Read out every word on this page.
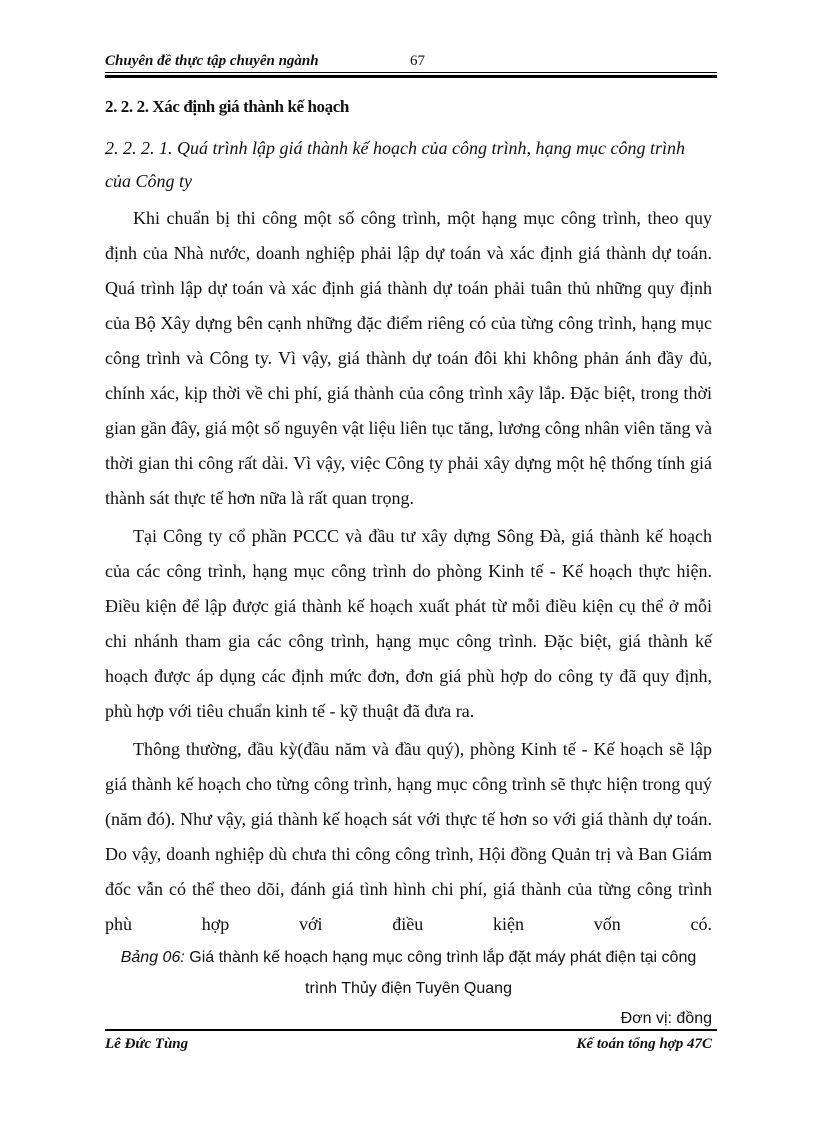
Chuyên đề thực tập chuyên ngành	67

2. 2. 2. Xác định giá thành kế hoạch

2. 2. 2. 1. Quá trình lập giá thành kế hoạch của công trình, hạng mục công trình của Công ty

Khi chuẩn bị thi công một số công trình, một hạng mục công trình, theo quy định của Nhà nước, doanh nghiệp phải lập dự toán và xác định giá thành dự toán. Quá trình lập dự toán và xác định giá thành dự toán phải tuân thủ những quy định của Bộ Xây dựng bên cạnh những đặc điểm riêng có của từng công trình, hạng mục công trình và Công ty. Vì vậy, giá thành dự toán đôi khi không phản ánh đầy đủ, chính xác, kịp thời về chi phí, giá thành của công trình xây lắp. Đặc biệt, trong thời gian gần đây, giá một số nguyên vật liệu liên tục tăng, lương công nhân viên tăng và thời gian thi công rất dài. Vì vậy, việc Công ty phải xây dựng một hệ thống tính giá thành sát thực tế hơn nữa là rất quan trọng.

Tại Công ty cổ phần PCCC và đầu tư xây dựng Sông Đà, giá thành kế hoạch của các công trình, hạng mục công trình do phòng Kinh tế - Kế hoạch thực hiện. Điều kiện để lập được giá thành kế hoạch xuất phát từ mỗi điều kiện cụ thể ở mỗi chi nhánh tham gia các công trình, hạng mục công trình. Đặc biệt, giá thành kế hoạch được áp dụng các định mức đơn, đơn giá phù hợp do công ty đã quy định, phù hợp với tiêu chuẩn kinh tế - kỹ thuật đã đưa ra.

Thông thường, đầu kỳ(đầu năm và đầu quý), phòng Kinh tế - Kế hoạch sẽ lập giá thành kế hoạch cho từng công trình, hạng mục công trình sẽ thực hiện trong quý (năm đó). Như vậy, giá thành kế hoạch sát với thực tế hơn so với giá thành dự toán. Do vậy, doanh nghiệp dù chưa thi công công trình, Hội đồng Quản trị và Ban Giám đốc vẫn có thể theo dõi, đánh giá tình hình chi phí, giá thành của từng công trình phù hợp với điều kiện vốn có.

Bảng 06: Giá thành kế hoạch hạng mục công trình lắp đặt máy phát điện tại công
trình Thủy điện Tuyên Quang

Đơn vị: đồng

Lê Đức Tùng	Kế toán tổng hợp 47C
